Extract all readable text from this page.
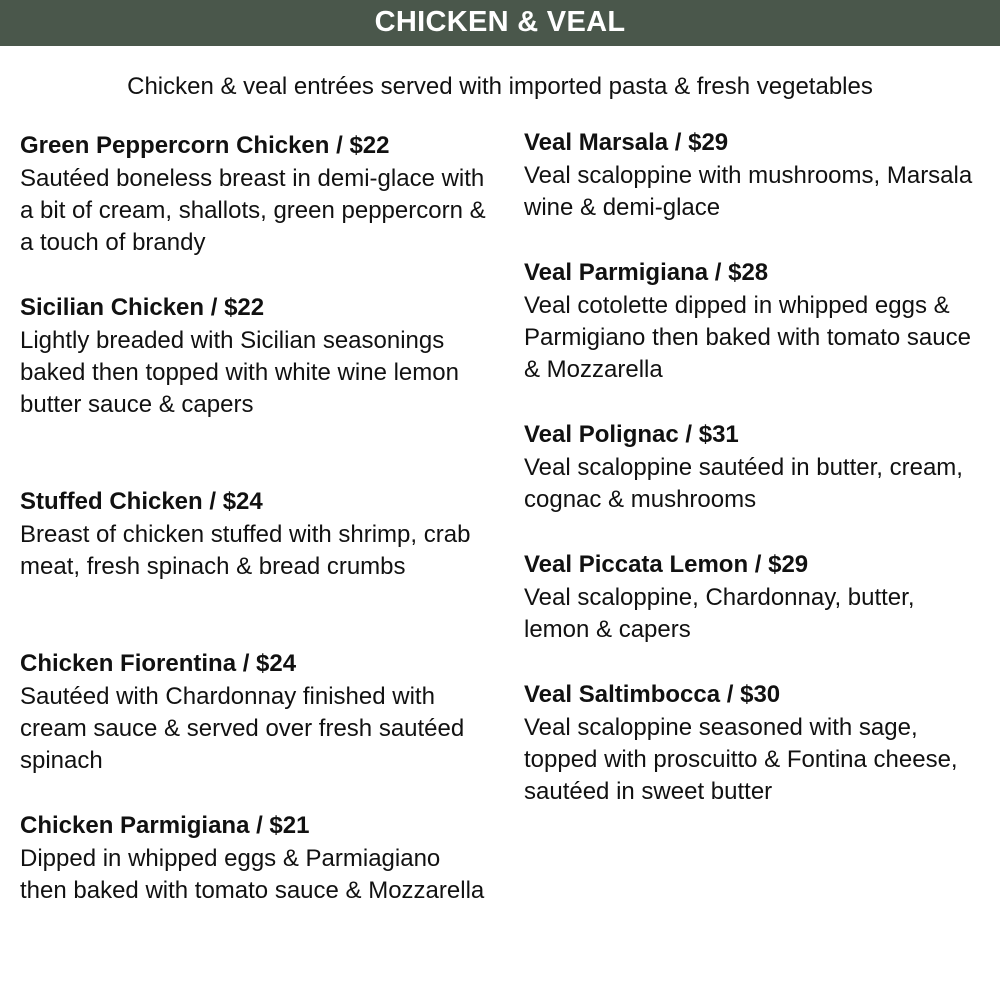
CHICKEN & VEAL
Chicken & veal entrées served with imported pasta & fresh vegetables
Green Peppercorn Chicken / $22
Sautéed boneless breast in demi-glace with a bit of cream, shallots, green peppercorn & a touch of brandy
Sicilian Chicken / $22
Lightly breaded with Sicilian seasonings baked then topped with white wine lemon butter sauce & capers
Stuffed Chicken / $24
Breast of chicken stuffed with shrimp, crab meat, fresh spinach & bread crumbs
Chicken Fiorentina / $24
Sautéed with Chardonnay finished with cream sauce & served over fresh sautéed spinach
Chicken Parmigiana / $21
Dipped in whipped eggs & Parmiagiano then baked with tomato sauce & Mozzarella
Veal Marsala / $29
Veal scaloppine with mushrooms, Marsala wine & demi-glace
Veal Parmigiana / $28
Veal cotolette dipped in whipped eggs & Parmigiano then baked with tomato sauce & Mozzarella
Veal Polignac / $31
Veal scaloppine sautéed in butter, cream, cognac & mushrooms
Veal Piccata Lemon / $29
Veal scaloppine, Chardonnay, butter, lemon & capers
Veal Saltimbocca / $30
Veal scaloppine seasoned with sage, topped with proscuitto & Fontina cheese, sautéed in sweet butter
